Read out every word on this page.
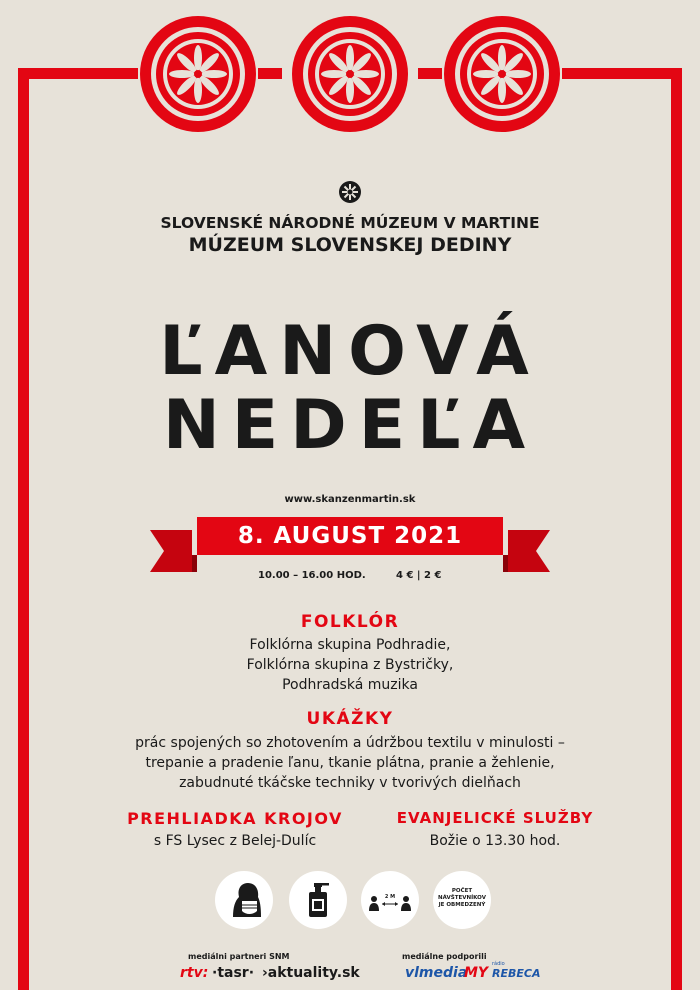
SLOVENSKÉ NÁRODNÉ MÚZEUM V MARTINE
MÚZEUM SLOVENSKEJ DEDINY
ĽANOVÁ
NEDEĽA
www.skanzenmartin.sk
8. AUGUST 2021
10.00 – 16.00 HOD.	4 € | 2 €
FOLKLÓR
Folklórna skupina Podhradie,
Folklórna skupina z Bystričky,
Podhradská muzika
UKÁŽKY
prác spojených so zhotovením a údržbou textilu v minulosti –
trepanie a pradenie ľanu, tkanie plátna, pranie a žehlenie,
zabudnuté tkáčske techniky v tvorivých dielňach
PREHLIADKA KROJOV
s FS Lysec z Belej-Dulíc
EVANJELICKÉ SLUŽBY
Božie o 13.30 hod.
2 M
POČET
NÁVŠTEVNÍKOV
JE OBMEDZENÝ
mediálni partneri SNM
rtv: ·tasr· ›aktuality.sk
mediálne podporili
vlmedia
MY
rádio
REBECA
